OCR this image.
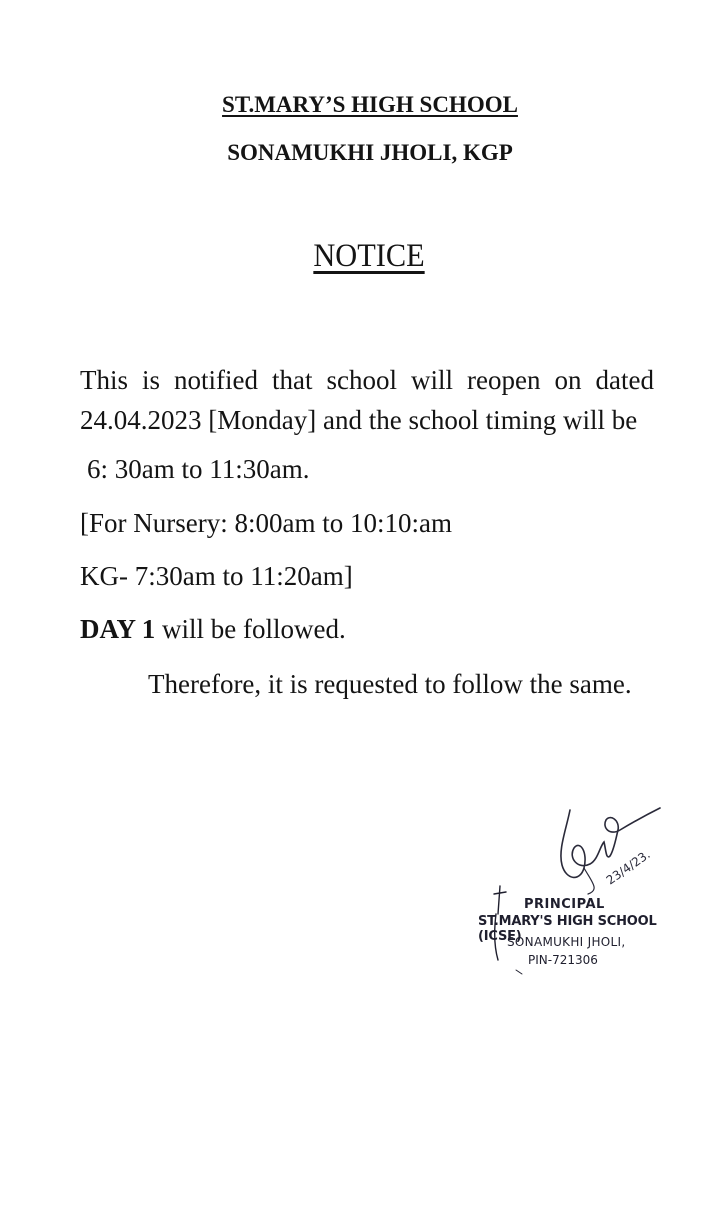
ST.MARY’S HIGH SCHOOL
SONAMUKHI JHOLI, KGP
NOTICE
This is notified that school will reopen on dated
24.04.2023 [Monday] and the school timing will be
6: 30am to 11:30am.
[For Nursery: 8:00am to 10:10:am
KG- 7:30am to 11:20am]
DAY 1 will be followed.
Therefore, it is requested to follow the same.
23/4/23.
PRINCIPAL
ST.MARY'S HIGH SCHOOL (ICSE)
SONAMUKHI JHOLI,
PIN-721306
